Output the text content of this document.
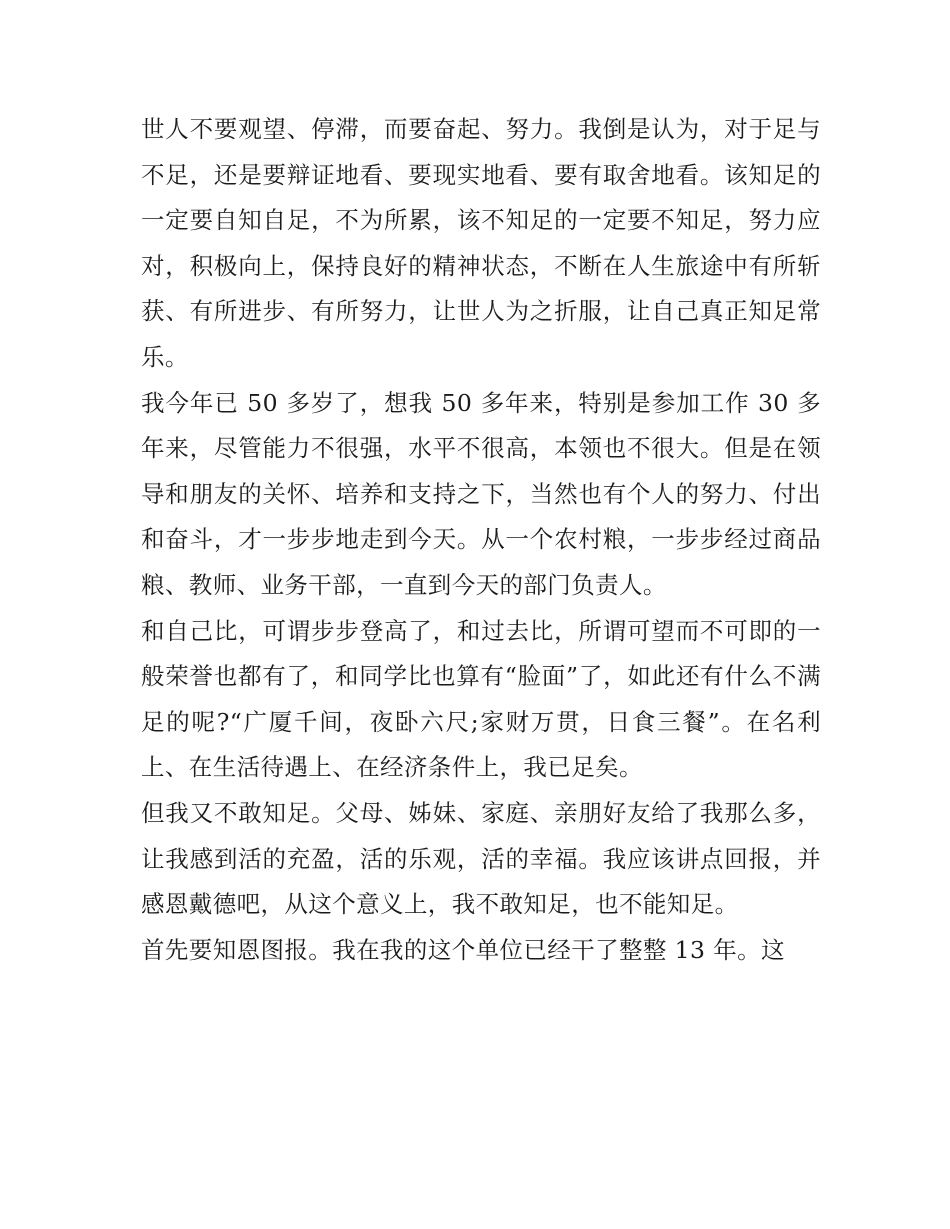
世人不要观望、停滞，而要奋起、努力。我倒是认为，对于足与不足，还是要辩证地看、要现实地看、要有取舍地看。该知足的一定要自知自足，不为所累，该不知足的一定要不知足，努力应对，积极向上，保持良好的精神状态，不断在人生旅途中有所斩获、有所进步、有所努力，让世人为之折服，让自己真正知足常乐。

我今年已 50 多岁了，想我 50 多年来，特别是参加工作 30 多年来，尽管能力不很强，水平不很高，本领也不很大。但是在领导和朋友的关怀、培养和支持之下，当然也有个人的努力、付出和奋斗，才一步步地走到今天。从一个农村粮，一步步经过商品粮、教师、业务干部，一直到今天的部门负责人。

和自己比，可谓步步登高了，和过去比，所谓可望而不可即的一般荣誉也都有了，和同学比也算有“脸面”了，如此还有什么不满足的呢?“广厦千间，夜卧六尺;家财万贯，日食三餐”。在名利上、在生活待遇上、在经济条件上，我已足矣。

但我又不敢知足。父母、姊妹、家庭、亲朋好友给了我那么多，让我感到活的充盈，活的乐观，活的幸福。我应该讲点回报，并感恩戴德吧，从这个意义上，我不敢知足，也不能知足。

首先要知恩图报。我在我的这个单位已经干了整整 13 年。这
